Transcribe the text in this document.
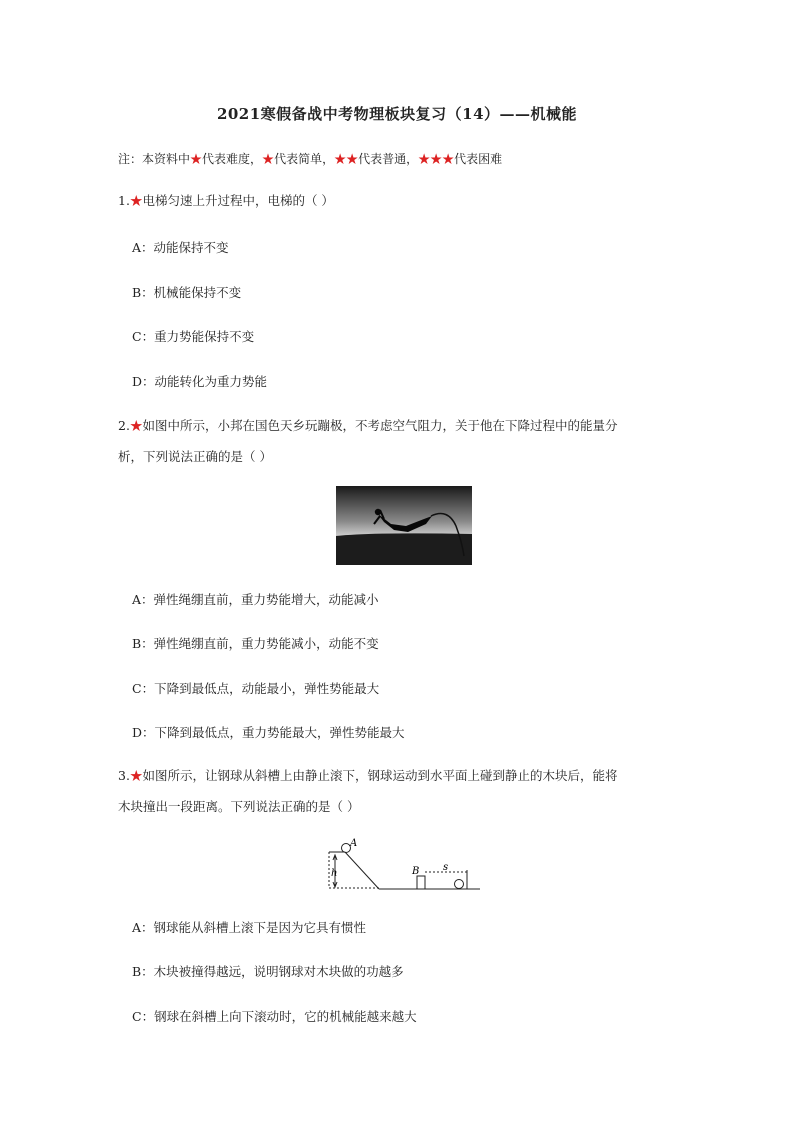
2021寒假备战中考物理板块复习（14）——机械能
注：本资料中★代表难度，★代表简单，★★代表普通，★★★代表困难
1.★电梯匀速上升过程中，电梯的（ ）
A：动能保持不变
B：机械能保持不变
C：重力势能保持不变
D：动能转化为重力势能
2.★如图中所示，小邦在国色天乡玩蹦极，不考虑空气阻力，关于他在下降过程中的能量分
析，下列说法正确的是（ ）
A：弹性绳绷直前，重力势能增大，动能减小
B：弹性绳绷直前，重力势能减小，动能不变
C：下降到最低点，动能最小，弹性势能最大
D：下降到最低点，重力势能最大，弹性势能最大
3.★如图所示，让钢球从斜槽上由静止滚下，钢球运动到水平面上碰到静止的木块后，能将
木块撞出一段距离。下列说法正确的是（ ）
A
h	B s
A：钢球能从斜槽上滚下是因为它具有惯性
B：木块被撞得越远，说明钢球对木块做的功越多
C：钢球在斜槽上向下滚动时，它的机械能越来越大
